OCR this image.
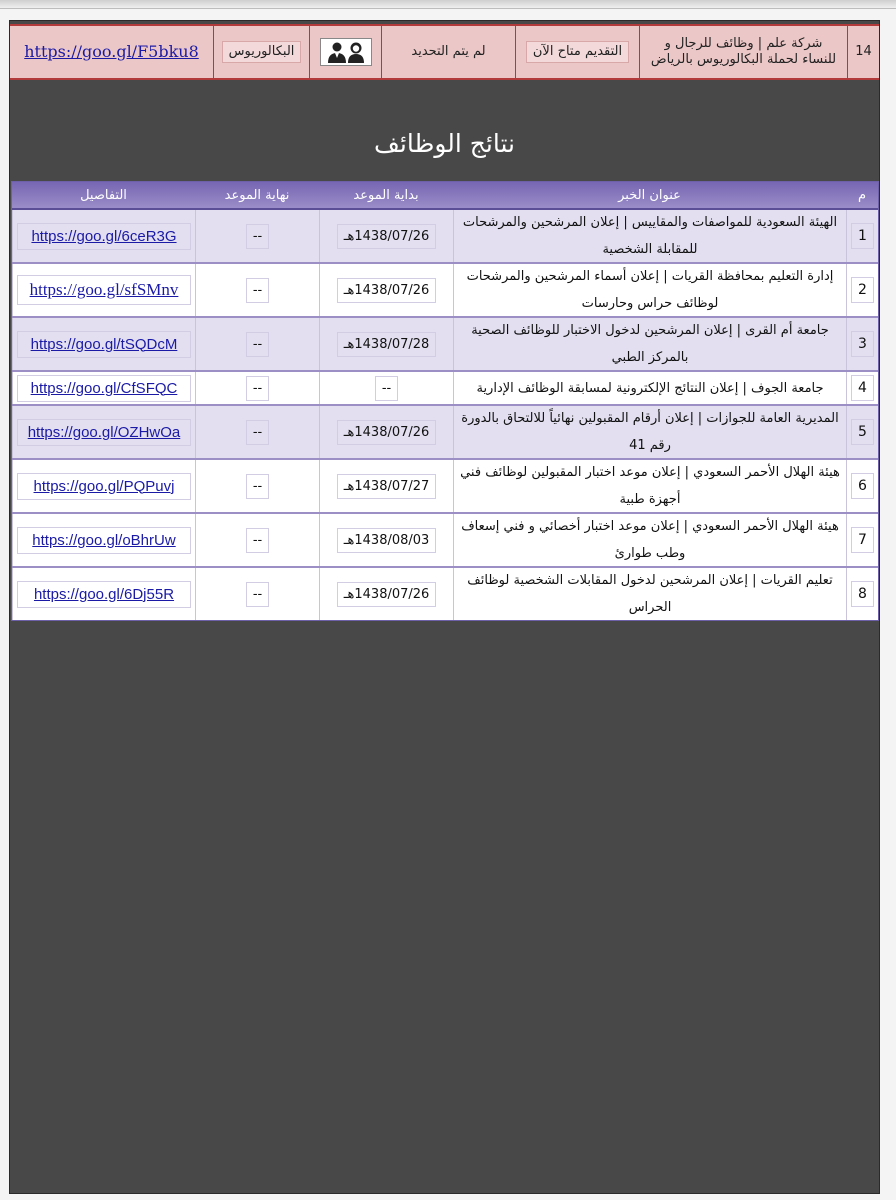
14
شركة علم | وظائف للرجال و للنساء لحملة البكالوريوس بالرياض
التقديم متاح الآن
لم يتم التحديد
البكالوريوس
https://goo.gl/F5bku8
نتائج الوظائف
م
عنوان الخبر
بداية الموعد
نهاية الموعد
التفاصيل
1
الهيئة السعودية للمواصفات والمقاييس | إعلان المرشحين والمرشحات للمقابلة الشخصية
1438/07/26هـ
--
https://goo.gl/6ceR3G
2
إدارة التعليم بمحافظة القريات | إعلان أسماء المرشحين والمرشحات لوظائف حراس وحارسات
1438/07/26هـ
--
https://goo.gl/sfSMnv
3
جامعة أم القرى | إعلان المرشحين لدخول الاختبار للوظائف الصحية بالمركز الطبي
1438/07/28هـ
--
https://goo.gl/tSQDcM
4
جامعة الجوف | إعلان النتائج الإلكترونية لمسابقة الوظائف الإدارية
--
--
https://goo.gl/CfSFQC
5
المديرية العامة للجوازات | إعلان أرقام المقبولين نهائياً للالتحاق بالدورة رقم 41
1438/07/26هـ
--
https://goo.gl/OZHwOa
6
هيئة الهلال الأحمر السعودي | إعلان موعد اختبار المقبولين لوظائف فني أجهزة طبية
1438/07/27هـ
--
https://goo.gl/PQPuvj
7
هيئة الهلال الأحمر السعودي | إعلان موعد اختبار أخصائي و فني إسعاف وطب طوارئ
1438/08/03هـ
--
https://goo.gl/oBhrUw
8
تعليم القريات | إعلان المرشحين لدخول المقابلات الشخصية لوظائف الحراس
1438/07/26هـ
--
https://goo.gl/6Dj55R
